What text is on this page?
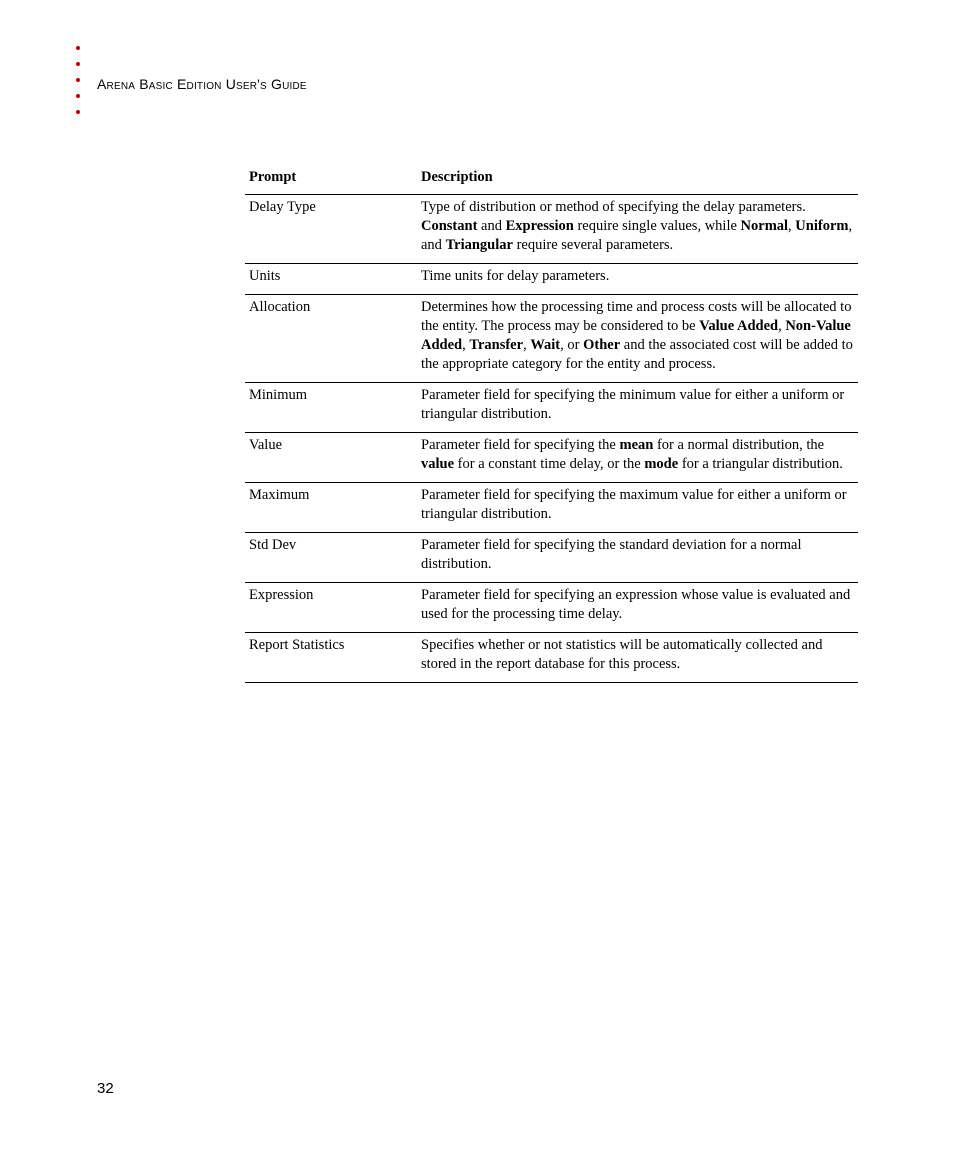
Arena Basic Edition User's Guide
Prompt	Description
Delay Type	Type of distribution or method of specifying the delay parameters. Constant and Expression require single values, while Normal, Uniform, and Triangular require several parameters.
Units	Time units for delay parameters.
Allocation	Determines how the processing time and process costs will be allocated to the entity. The process may be considered to be Value Added, Non-Value Added, Transfer, Wait, or Other and the associated cost will be added to the appropriate category for the entity and process.
Minimum	Parameter field for specifying the minimum value for either a uniform or triangular distribution.
Value	Parameter field for specifying the mean for a normal distribution, the value for a constant time delay, or the mode for a triangular distribution.
Maximum	Parameter field for specifying the maximum value for either a uniform or triangular distribution.
Std Dev	Parameter field for specifying the standard deviation for a normal distribution.
Expression	Parameter field for specifying an expression whose value is evaluated and used for the processing time delay.
Report Statistics	Specifies whether or not statistics will be automatically collected and stored in the report database for this process.
32
